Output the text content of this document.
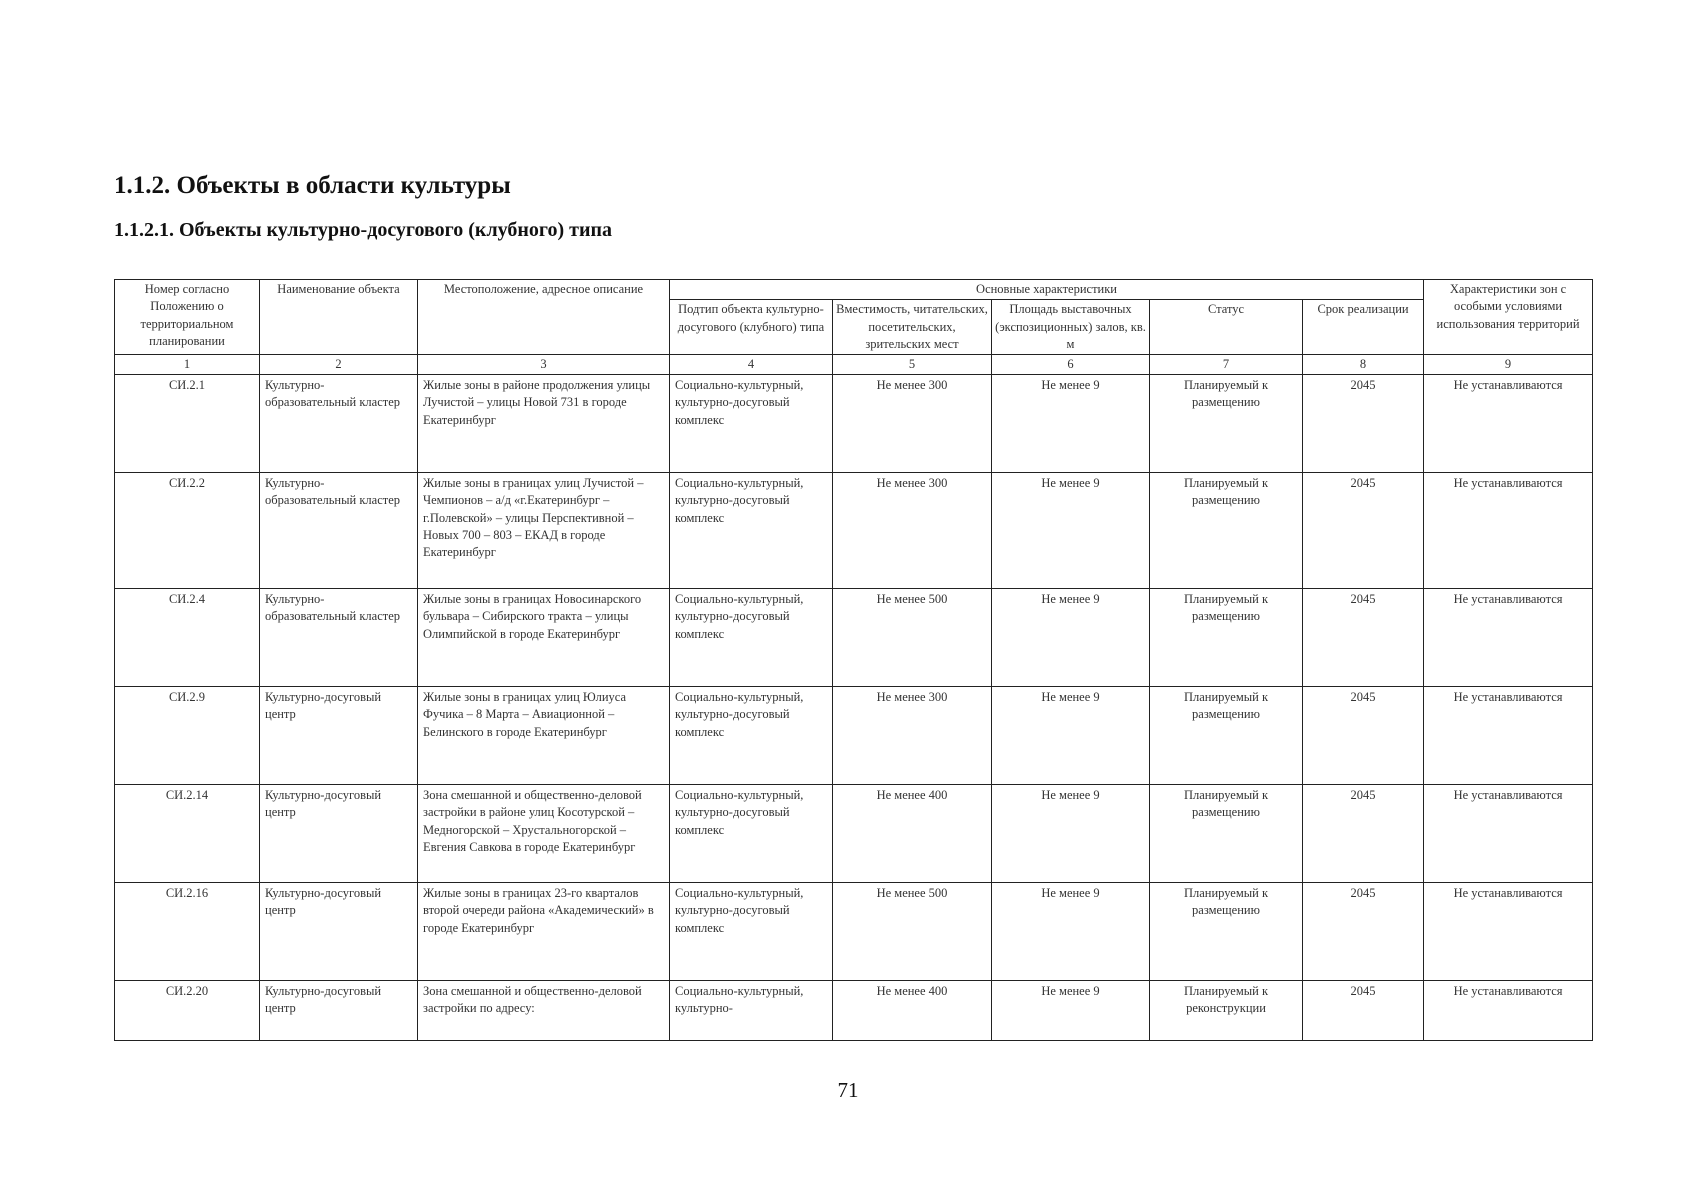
1.1.2. Объекты в области культуры
1.1.2.1. Объекты культурно-досугового (клубного) типа
Номер согласно Положению о территориальном планировании	Наименование объекта	Местоположение, адресное описание	Основные характеристики					Характеристики зон с особыми условиями использования территорий
			Подтип объекта культурно-досугового (клубного) типа	Вместимость, читательских, посетительских, зрительских мест	Площадь выставочных (экспозиционных) залов, кв. м	Статус	Срок реализации	
1	2	3	4	5	6	7	8	9
СИ.2.1	Культурно-образовательный кластер	Жилые зоны в районе продолжения улицы Лучистой – улицы Новой 731 в городе Екатеринбург	Социально-культурный, культурно-досуговый комплекс	Не менее 300	Не менее 9	Планируемый к размещению	2045	Не устанавливаются
СИ.2.2	Культурно-образовательный кластер	Жилые зоны в границах улиц Лучистой – Чемпионов – а/д «г.Екатеринбург – г.Полевской» – улицы Перспективной – Новых 700 – 803 – ЕКАД в городе Екатеринбург	Социально-культурный, культурно-досуговый комплекс	Не менее 300	Не менее 9	Планируемый к размещению	2045	Не устанавливаются
СИ.2.4	Культурно-образовательный кластер	Жилые зоны в границах Новосинарского бульвара – Сибирского тракта – улицы Олимпийской в городе Екатеринбург	Социально-культурный, культурно-досуговый комплекс	Не менее 500	Не менее 9	Планируемый к размещению	2045	Не устанавливаются
СИ.2.9	Культурно-досуговый центр	Жилые зоны в границах улиц Юлиуса Фучика – 8 Марта – Авиационной – Белинского в городе Екатеринбург	Социально-культурный, культурно-досуговый комплекс	Не менее 300	Не менее 9	Планируемый к размещению	2045	Не устанавливаются
СИ.2.14	Культурно-досуговый центр	Зона смешанной и общественно-деловой застройки в районе улиц Косотурской – Медногорской – Хрустальногорской – Евгения Савкова в городе Екатеринбург	Социально-культурный, культурно-досуговый комплекс	Не менее 400	Не менее 9	Планируемый к размещению	2045	Не устанавливаются
СИ.2.16	Культурно-досуговый центр	Жилые зоны в границах 23-го кварталов второй очереди района «Академический» в городе Екатеринбург	Социально-культурный, культурно-досуговый комплекс	Не менее 500	Не менее 9	Планируемый к размещению	2045	Не устанавливаются
СИ.2.20	Культурно-досуговый центр	Зона смешанной и общественно-деловой застройки по адресу:	Социально-культурный, культурно-	Не менее 400	Не менее 9	Планируемый к реконструкции	2045	Не устанавливаются
71
